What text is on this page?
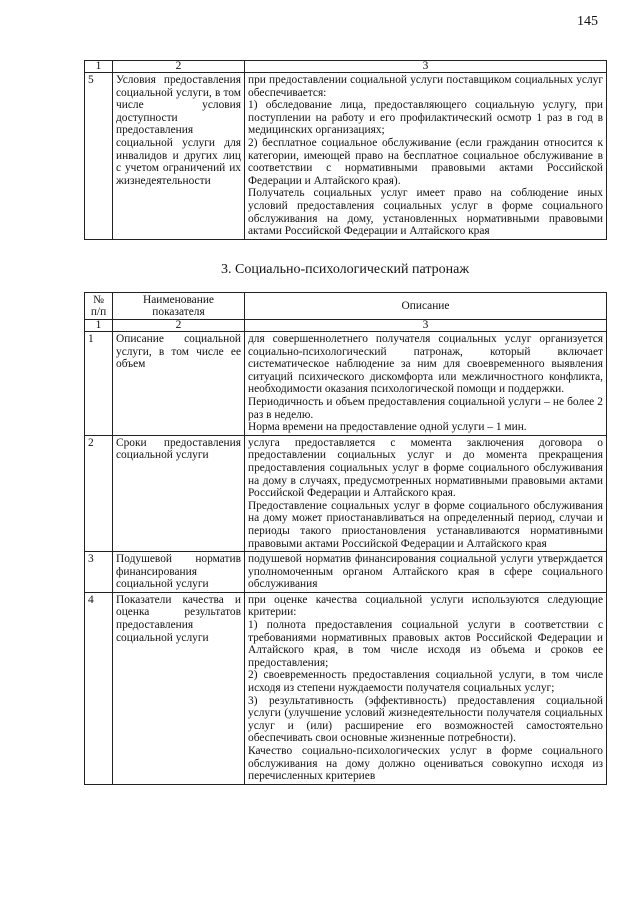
145
1	2	3
5	Условия предоставления социальной услуги, в том числе условия доступности предоставления социальной услуги для инвалидов и других лиц с учетом ограничений их жизнедеятельности	при предоставлении социальной услуги поставщиком социальных услуг обеспечивается:

1) обследование лица, предоставляющего социальную услугу, при поступлении на работу и его профилактический осмотр 1 раз в год в медицинских организациях;

2) бесплатное социальное обслуживание (если гражданин относится к категории, имеющей право на бесплатное социальное обслуживание в соответствии с нормативными правовыми актами Российской Федерации и Алтайского края).

Получатель социальных услуг имеет право на соблюдение иных условий предоставления социальных услуг в форме социального обслуживания на дому, установленных нормативными правовыми актами Российской Федерации и Алтайского края

3. Социально-психологический патронаж
№ п/п	Наименование показателя	Описание
1	2	3
1	Описание социальной услуги, в том числе ее объем	для совершеннолетнего получателя социальных услуг организуется социально-психологический патронаж, который включает систематическое наблюдение за ним для своевременного выявления ситуаций психического дискомфорта или межличностного конфликта, необходимости оказания психологической помощи и поддержки.

Периодичность и объем предоставления социальной услуги – не более 2 раз в неделю.

Норма времени на предоставление одной услуги – 1 мин.

2	Сроки предоставления социальной услуги	услуга предоставляется с момента заключения договора о предоставлении социальных услуг и до момента прекращения предоставления социальных услуг в форме социального обслуживания на дому в случаях, предусмотренных нормативными правовыми актами Российской Федерации и Алтайского края.

Предоставление социальных услуг в форме социального обслуживания на дому может приостанавливаться на определенный период, случаи и периоды такого приостановления устанавливаются нормативными правовыми актами Российской Федерации и Алтайского края

3	Подушевой норматив финансирования социальной услуги	подушевой норматив финансирования социальной услуги утверждается уполномоченным органом Алтайского края в сфере социального обслуживания

4	Показатели качества и оценка результатов предоставления социальной услуги	при оценке качества социальной услуги используются следующие критерии:

1) полнота предоставления социальной услуги в соответствии с требованиями нормативных правовых актов Российской Федерации и Алтайского края, в том числе исходя из объема и сроков ее предоставления;

2) своевременность предоставления социальной услуги, в том числе исходя из степени нуждаемости получателя социальных услуг;

3) результативность (эффективность) предоставления социальной услуги (улучшение условий жизнедеятельности получателя социальных услуг и (или) расширение его возможностей самостоятельно обеспечивать свои основные жизненные потребности).

Качество социально-психологических услуг в форме социального обслуживания на дому должно оцениваться совокупно исходя из перечисленных критериев
